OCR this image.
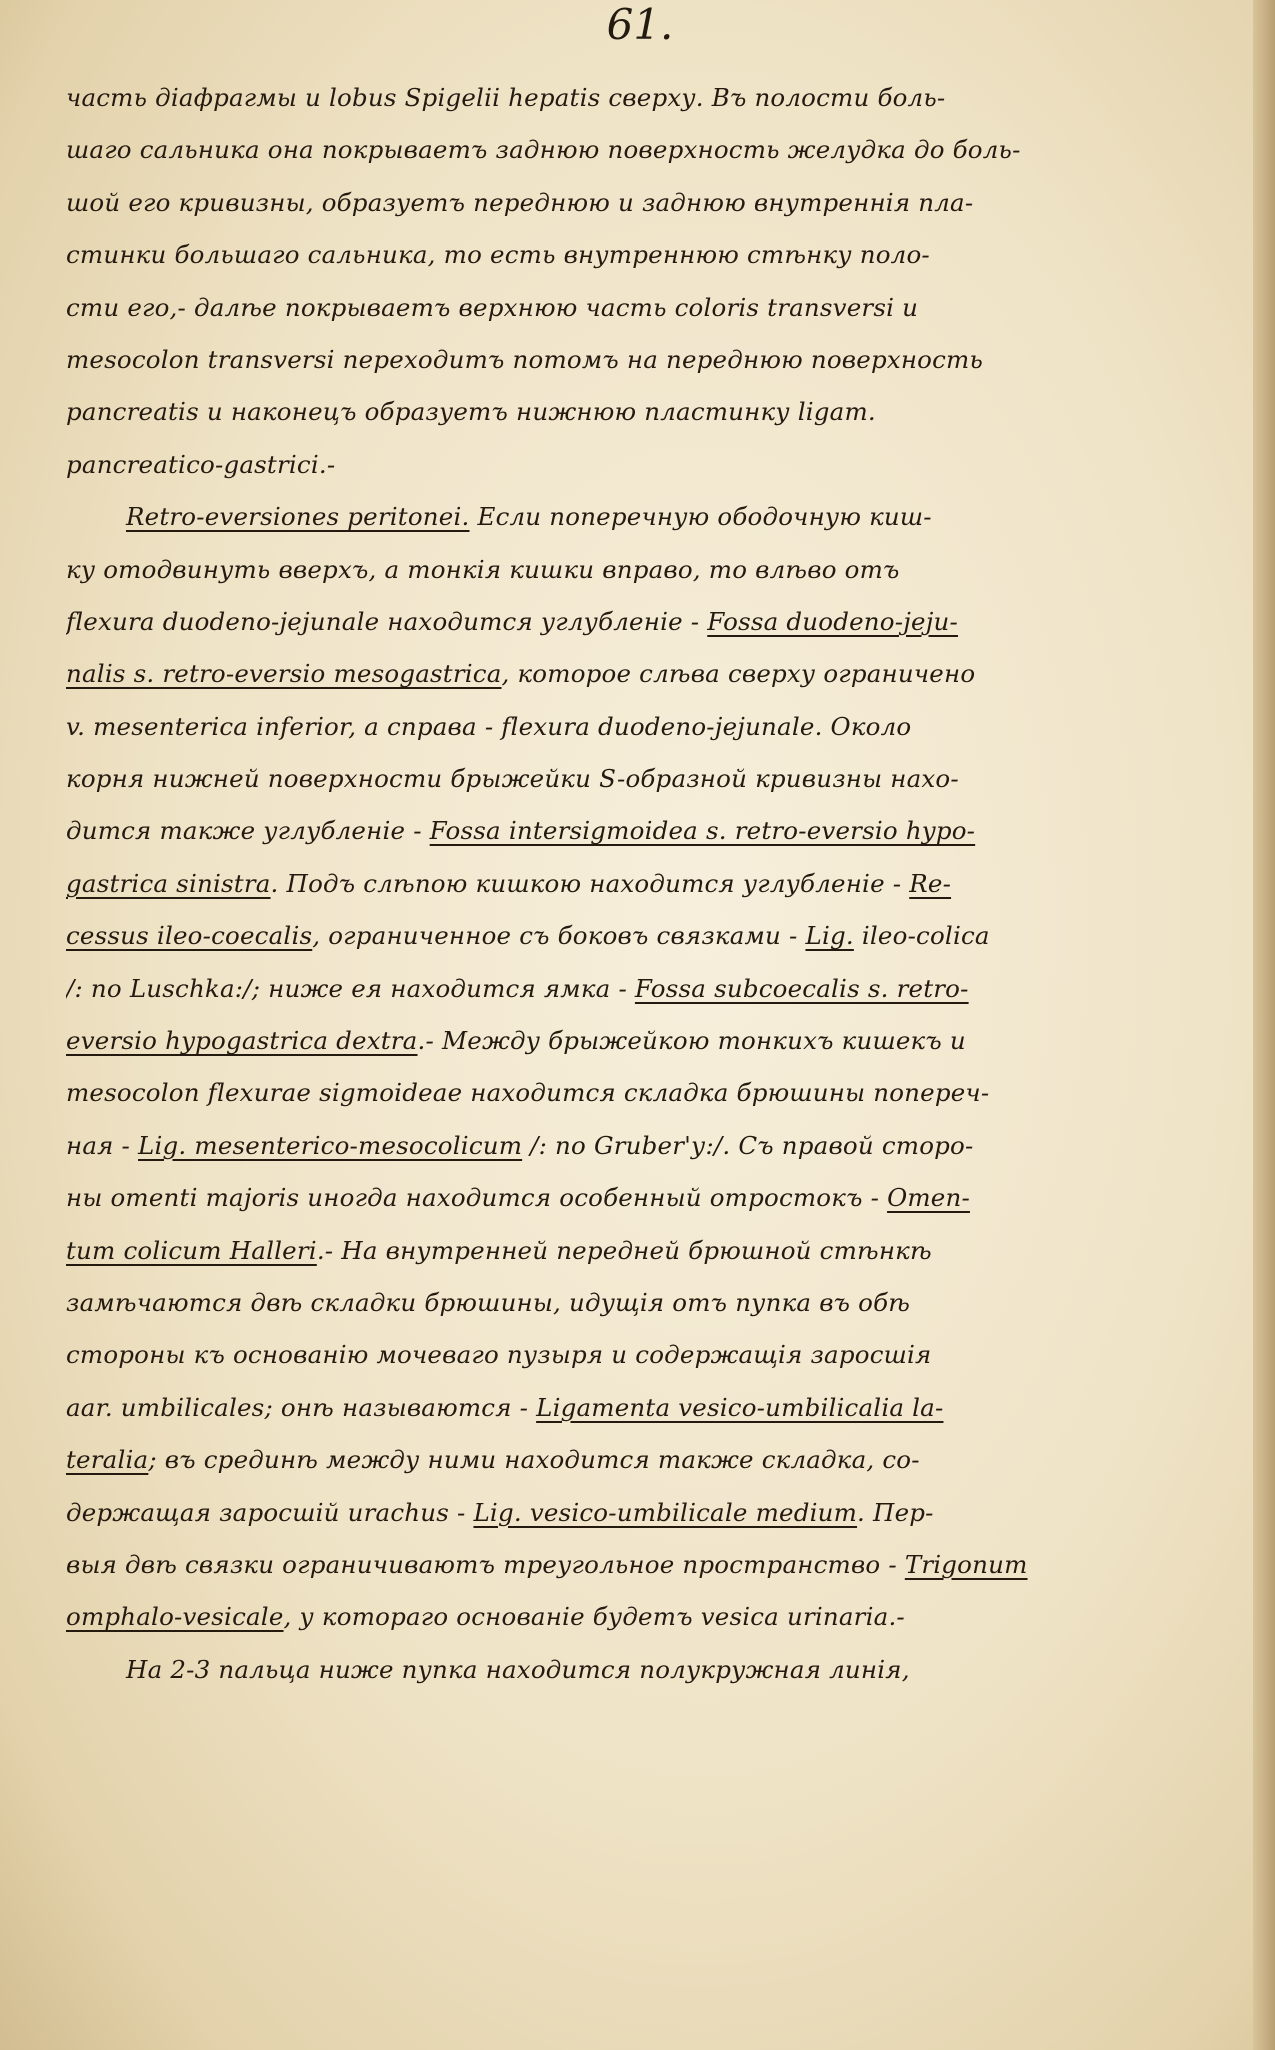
61.
часть діафрагмы и lobus Spigelii hepatis сверху. Въ полости боль-
шаго сальника она покрываетъ заднюю поверхность желудка до боль-
шой его кривизны, образуетъ переднюю и заднюю внутреннія пла-
стинки большаго сальника, то есть внутреннюю стѣнку поло-
сти его,- далѣе покрываетъ верхнюю часть coloris transversi и
mesocolon transversi переходитъ потомъ на переднюю поверхность
pancreatis и наконецъ образуетъ нижнюю пластинку ligam.
pancreatico-gastrici.-
Retro-eversiones peritonei. Если поперечную ободочную киш-
ку отодвинуть вверхъ, а тонкія кишки вправо, то влѣво отъ
flexura duodeno-jejunale находится углубленіе - Fossa duodeno-jeju-
nalis s. retro-eversio mesogastrica, которое слѣва сверху ограничено
v. mesenterica inferior, а справа - flexura duodeno-jejunale. Около
корня нижней поверхности брыжейки S-образной кривизны нахо-
дится также углубленіе - Fossa intersigmoidea s. retro-eversio hypo-
gastrica sinistra. Подъ слѣпою кишкою находится углубленіе - Re-
cessus ileo-coecalis, ограниченное съ боковъ связками - Lig. ileo-colica
/: по Luschka:/; ниже ея находится ямка - Fossa subcoecalis s. retro-
eversio hypogastrica dextra.- Между брыжейкою тонкихъ кишекъ и
mesocolon flexurae sigmoideae находится складка брюшины попереч-
ная - Lig. mesenterico-mesocolicum /: по Gruber'у:/. Съ правой сторо-
ны omenti majoris иногда находится особенный отростокъ - Omen-
tum colicum Halleri.- На внутренней передней брюшной стѣнкѣ
замѣчаются двѣ складки брюшины, идущія отъ пупка въ обѣ
стороны къ основанію мочеваго пузыря и содержащія заросшія
aar. umbilicales; онѣ называются - Ligamenta vesico-umbilicalia la-
teralia; въ срединѣ между ними находится также складка, со-
держащая заросшій urachus - Lig. vesico-umbilicale medium. Пер-
выя двѣ связки ограничиваютъ треугольное пространство - Trigonum
omphalo-vesicale, у котораго основаніе будетъ vesica urinaria.-
На 2-3 пальца ниже пупка находится полукружная линія,
